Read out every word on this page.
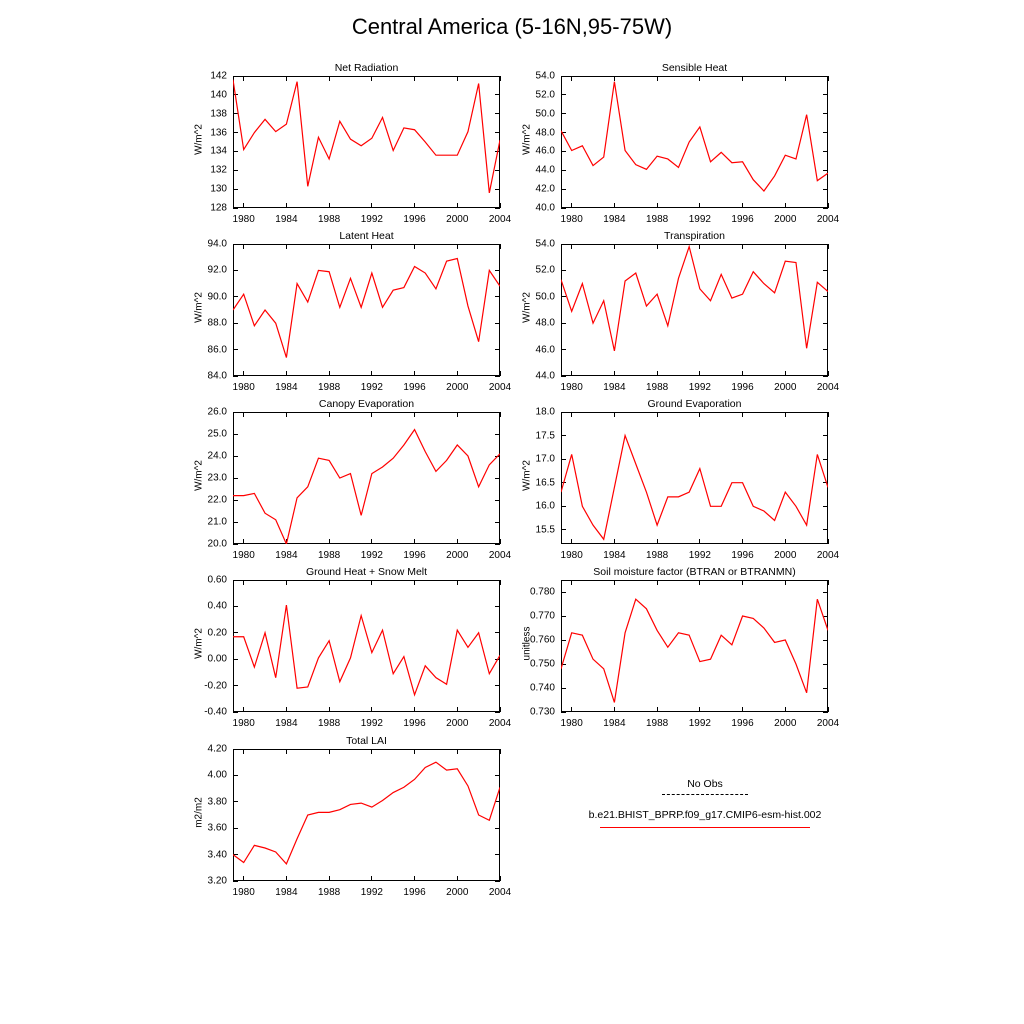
Central America (5-16N,95-75W)
Net Radiation
W/m^2
128
130
132
134
136
138
140
142
1980	1984	1988	1992	1996	2000	2004
Sensible Heat
W/m^2
40.0
42.0
44.0
46.0
48.0
50.0
52.0
54.0
1980	1984	1988	1992	1996	2000	2004
Latent Heat
W/m^2
84.0
86.0
88.0
90.0
92.0
94.0
1980	1984	1988	1992	1996	2000	2004
Transpiration
W/m^2
44.0
46.0
48.0
50.0
52.0
54.0
1980	1984	1988	1992	1996	2000	2004
Canopy Evaporation
W/m^2
20.0
21.0
22.0
23.0
24.0
25.0
26.0
1980	1984	1988	1992	1996	2000	2004
Ground Evaporation
W/m^2
15.5
16.0
16.5
17.0
17.5
18.0
1980	1984	1988	1992	1996	2000	2004
Ground Heat + Snow Melt
W/m^2
-0.40
-0.20
0.00
0.20
0.40
0.60
1980	1984	1988	1992	1996	2000	2004
Soil moisture factor (BTRAN or BTRANMN)
unitless
0.730
0.740
0.750
0.760
0.770
0.780
1980	1984	1988	1992	1996	2000	2004
Total LAI
m2/m2
3.20
3.40
3.60
3.80
4.00
4.20
1980	1984	1988	1992	1996	2000	2004
No Obs
b.e21.BHIST_BPRP.f09_g17.CMIP6-esm-hist.002
